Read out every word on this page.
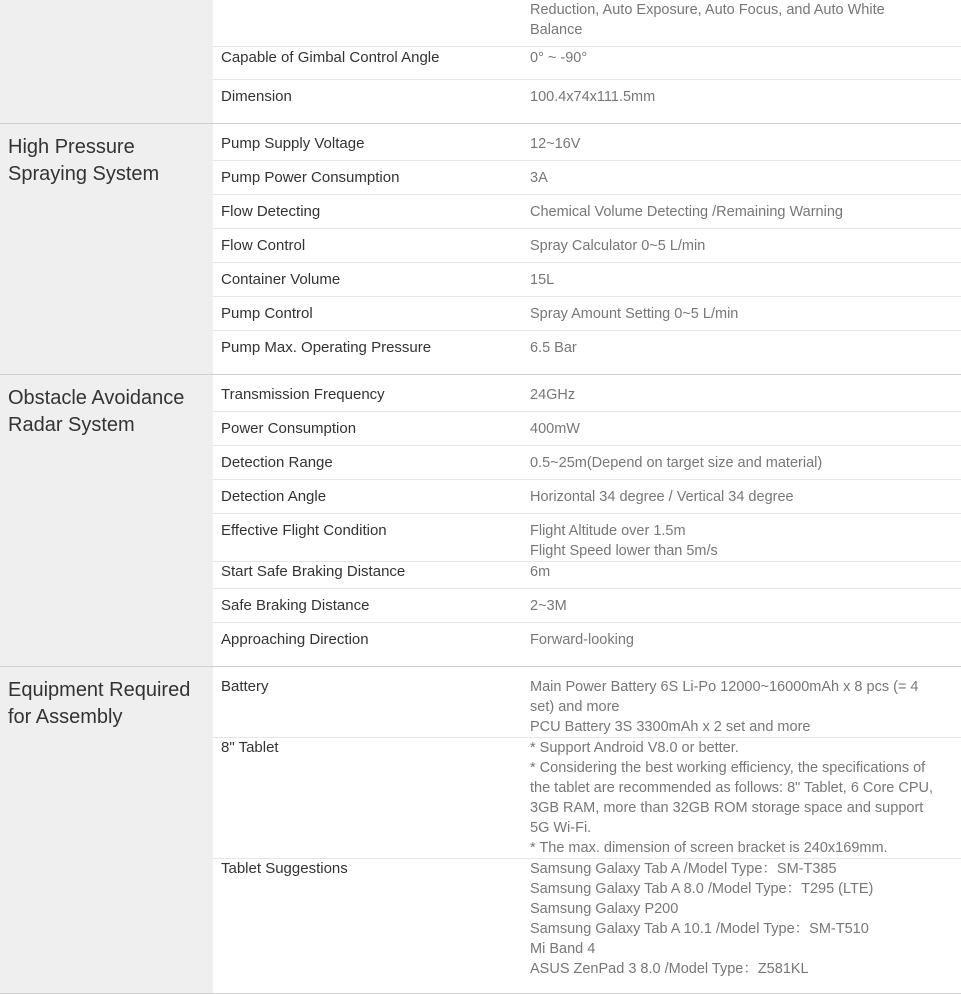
Reduction, Auto Exposure, Auto Focus, and Auto White
Balance
Capable of Gimbal Control Angle	0° ~ -90°
Dimension	100.4x74x111.5mm
High Pressure
Spraying System
Pump Supply Voltage	12~16V
Pump Power Consumption	3A
Flow Detecting	Chemical Volume Detecting /Remaining Warning
Flow Control	Spray Calculator 0~5 L/min
Container Volume	15L
Pump Control	Spray Amount Setting 0~5 L/min
Pump Max. Operating Pressure	6.5 Bar
Obstacle Avoidance
Radar System
Transmission Frequency	24GHz
Power Consumption	400mW
Detection Range	0.5~25m(Depend on target size and material)
Detection Angle	Horizontal 34 degree / Vertical 34 degree
Effective Flight Condition	Flight Altitude over 1.5m
Flight Speed lower than 5m/s
Start Safe Braking Distance	6m
Safe Braking Distance	2~3M
Approaching Direction	Forward-looking
Equipment Required
for Assembly
Battery	Main Power Battery 6S Li-Po 12000~16000mAh x 8 pcs (= 4
set) and more
PCU Battery 3S 3300mAh x 2 set and more
8" Tablet	* Support Android V8.0 or better.
* Considering the best working efficiency, the specifications of
the tablet are recommended as follows: 8" Tablet, 6 Core CPU,
3GB RAM, more than 32GB ROM storage space and support
5G Wi-Fi.
* The max. dimension of screen bracket is 240x169mm.
Tablet Suggestions	Samsung Galaxy Tab A /Model Type：SM-T385
Samsung Galaxy Tab A 8.0 /Model Type：T295 (LTE)
Samsung Galaxy P200
Samsung Galaxy Tab A 10.1 /Model Type：SM-T510
Mi Band 4
ASUS ZenPad 3 8.0 /Model Type：Z581KL
